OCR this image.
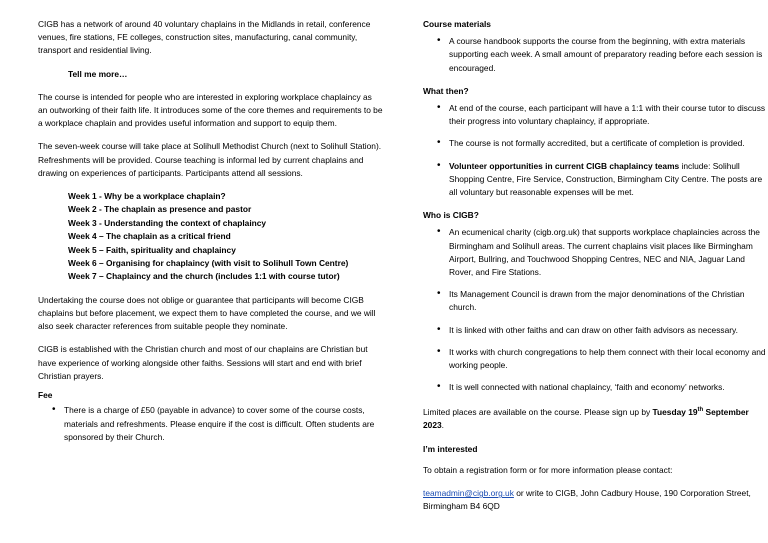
CIGB has a network of around 40 voluntary chaplains in the Midlands in retail, conference venues, fire stations, FE colleges, construction sites, manufacturing, canal community, transport and residential living.

Tell me more…

The course is intended for people who are interested in exploring workplace chaplaincy as an outworking of their faith life. It introduces some of the core themes and requirements to be a workplace chaplain and provides useful information and support to equip them.

The seven-week course will take place at Solihull Methodist Church (next to Solihull Station). Refreshments will be provided. Course teaching is informal led by current chaplains and drawing on experiences of participants. Participants attend all sessions.

Week 1 - Why be a workplace chaplain?
Week 2 - The chaplain as presence and pastor
Week 3 - Understanding the context of chaplaincy
Week 4 – The chaplain as a critical friend
Week 5 – Faith, spirituality and chaplaincy
Week 6 – Organising for chaplaincy (with visit to Solihull Town Centre)
Week 7 – Chaplaincy and the church (includes 1:1 with course tutor)

Undertaking the course does not oblige or guarantee that participants will become CIGB chaplains but before placement, we expect them to have completed the course, and we will also seek character references from suitable people they nominate.

CIGB is established with the Christian church and most of our chaplains are Christian but have experience of working alongside other faiths. Sessions will start and end with brief Christian prayers.

Fee

• There is a charge of £50 (payable in advance) to cover some of the course costs, materials and refreshments. Please enquire if the cost is difficult. Often students are sponsored by their Church.
Course materials
• A course handbook supports the course from the beginning, with extra materials supporting each week. A small amount of preparatory reading before each session is encouraged.
What then?
• At end of the course, each participant will have a 1:1 with their course tutor to discuss their progress into voluntary chaplaincy, if appropriate.
• The course is not formally accredited, but a certificate of completion is provided.
• Volunteer opportunities in current CIGB chaplaincy teams include: Solihull Shopping Centre, Fire Service, Construction, Birmingham City Centre. The posts are all voluntary but reasonable expenses will be met.
Who is CIGB?
• An ecumenical charity (cigb.org.uk) that supports workplace chaplaincies across the Birmingham and Solihull areas. The current chaplains visit places like Birmingham Airport, Bullring, and Touchwood Shopping Centres, NEC and NIA, Jaguar Land Rover, and Fire Stations.
• Its Management Council is drawn from the major denominations of the Christian church.
• It is linked with other faiths and can draw on other faith advisors as necessary.
• It works with church congregations to help them connect with their local economy and working people.
• It is well connected with national chaplaincy, ‘faith and economy’ networks.

Limited places are available on the course. Please sign up by Tuesday 19th September 2023.

I’m interested

To obtain a registration form or for more information please contact:

teamadmin@cigb.org.uk or write to CIGB, John Cadbury House, 190 Corporation Street, Birmingham B4 6QD
